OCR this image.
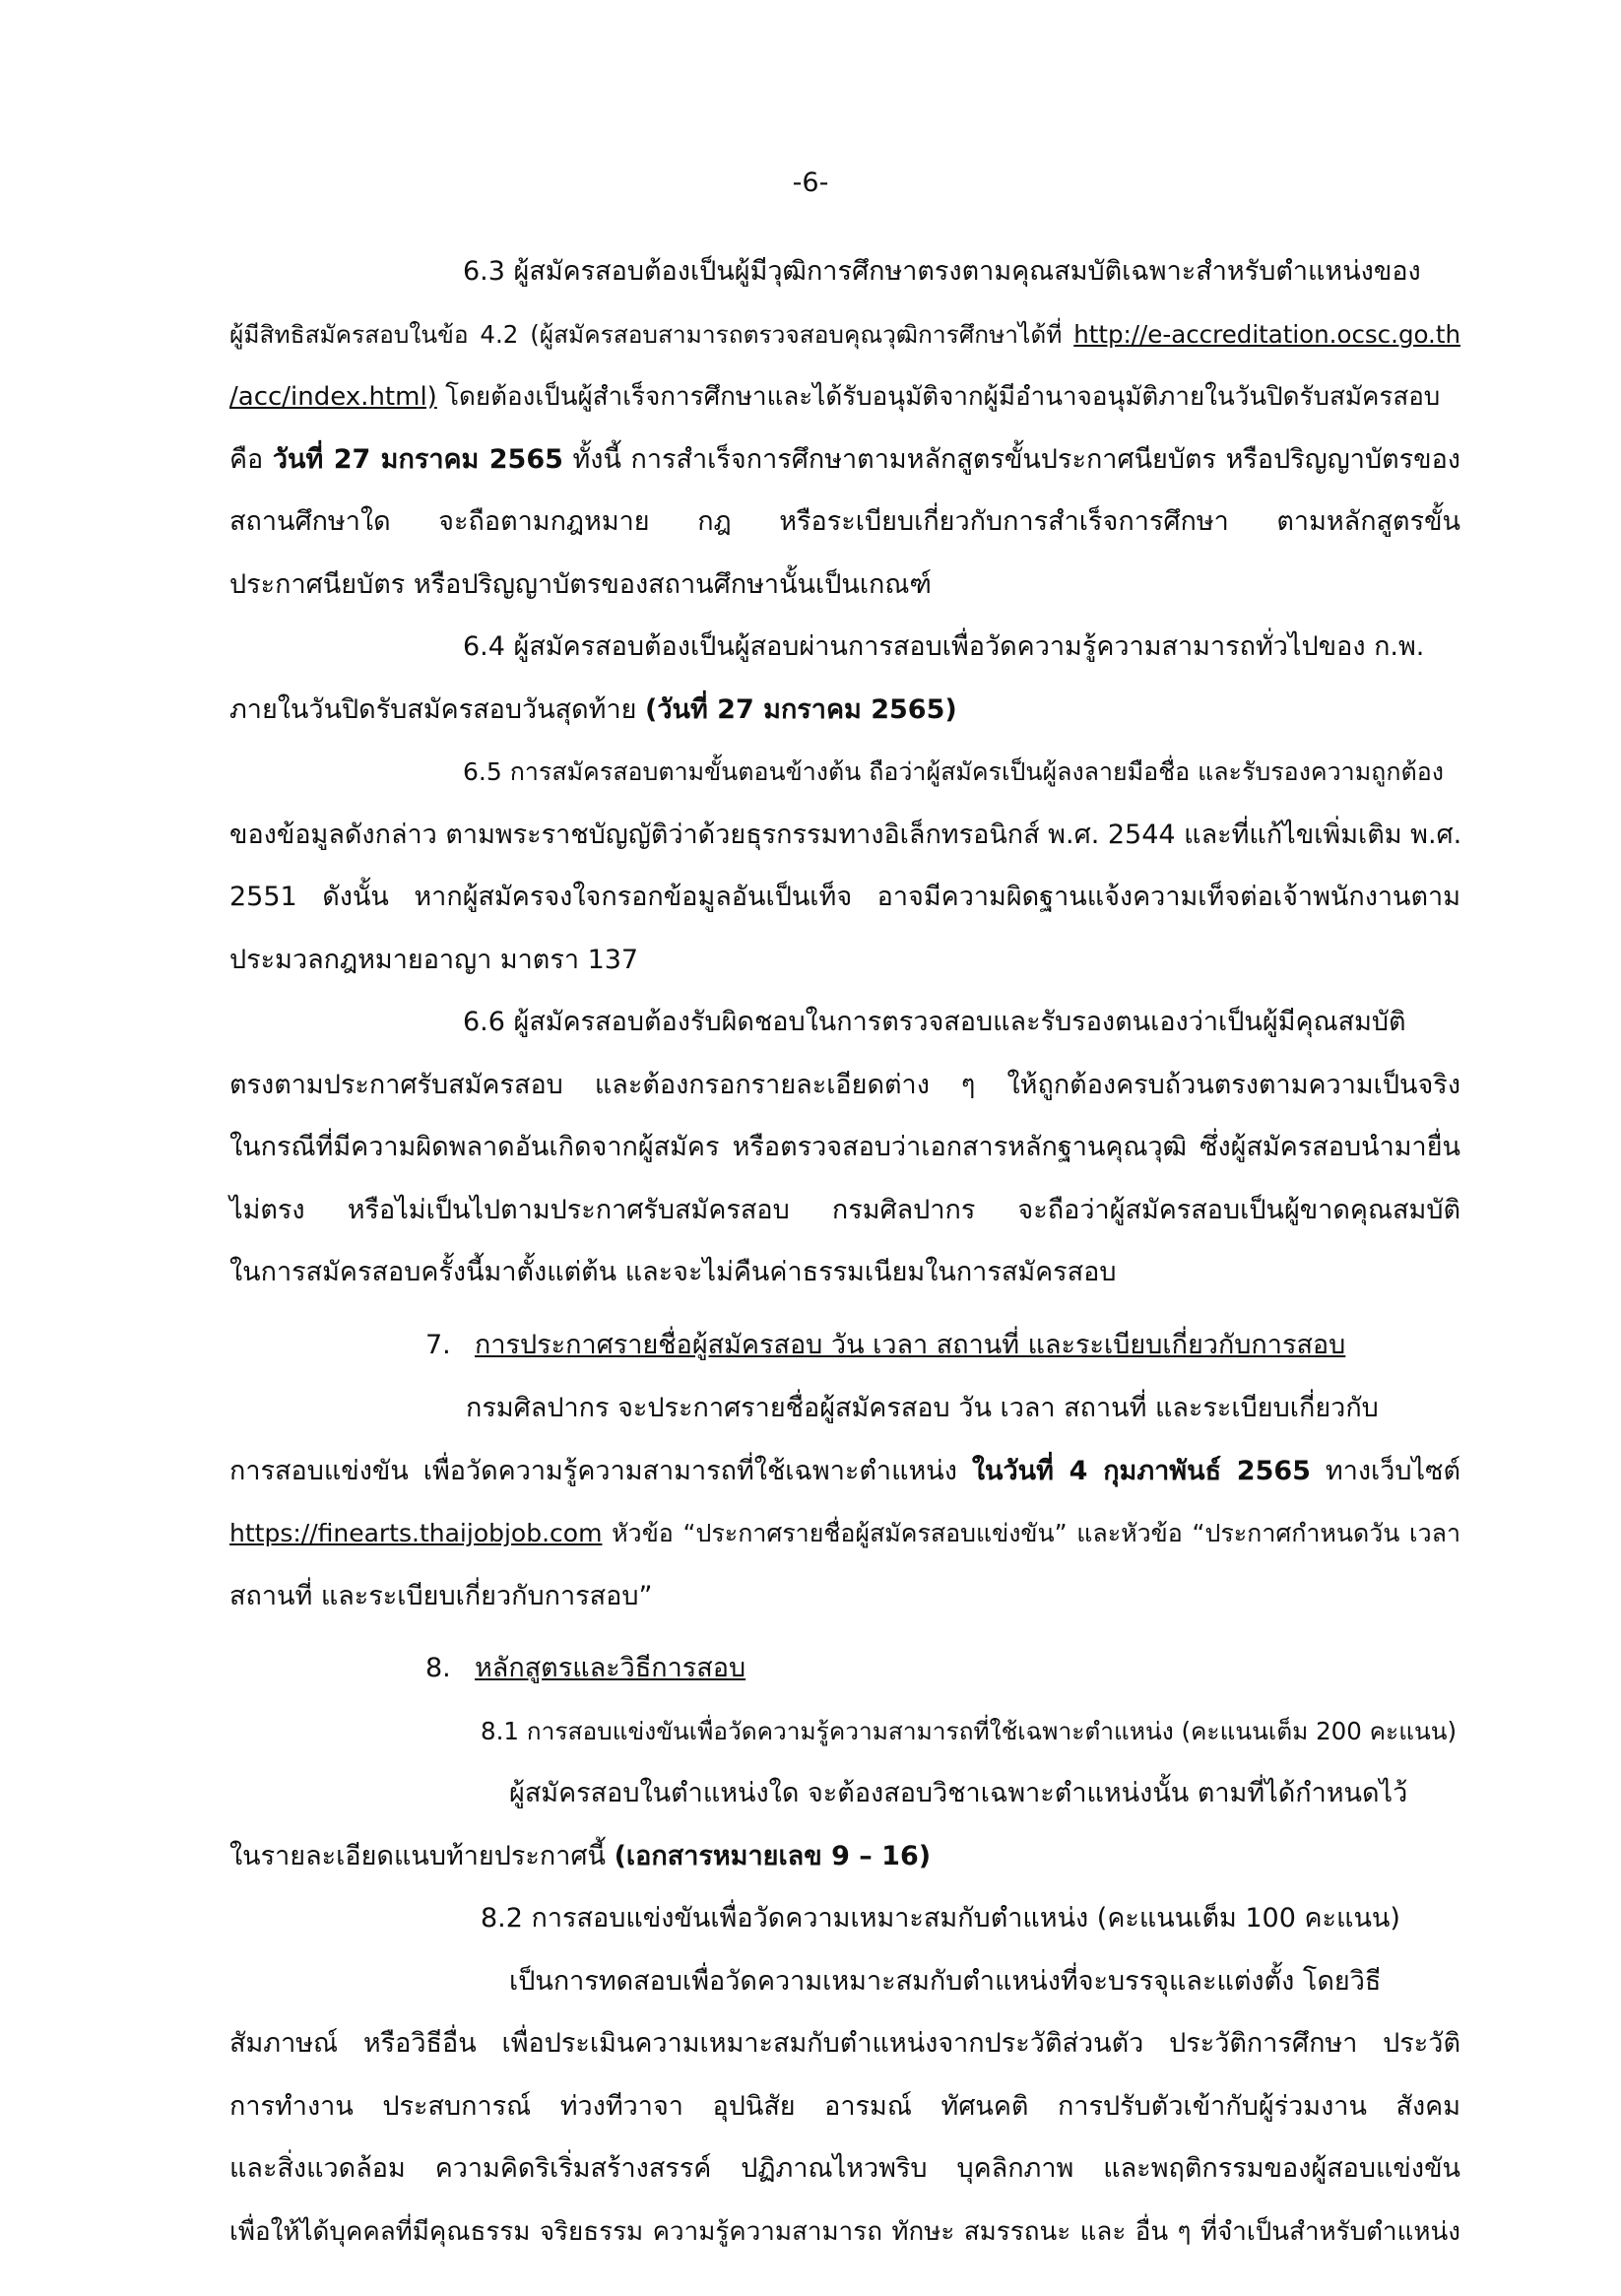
-6-
6.3 ผู้สมัครสอบต้องเป็นผู้มีวุฒิการศึกษาตรงตามคุณสมบัติเฉพาะสำหรับตำแหน่งของ
ผู้มีสิทธิสมัครสอบในข้อ 4.2 (ผู้สมัครสอบสามารถตรวจสอบคุณวุฒิการศึกษาได้ที่ http://e-accreditation.ocsc.go.th
/acc/index.html) โดยต้องเป็นผู้สำเร็จการศึกษาและได้รับอนุมัติจากผู้มีอำนาจอนุมัติภายในวันปิดรับสมัครสอบ
คือ วันที่ 27 มกราคม 2565 ทั้งนี้ การสำเร็จการศึกษาตามหลักสูตรขั้นประกาศนียบัตร หรือปริญญาบัตรของ
สถานศึกษาใด จะถือตามกฎหมาย กฎ หรือระเบียบเกี่ยวกับการสำเร็จการศึกษา ตามหลักสูตรขั้น
ประกาศนียบัตร หรือปริญญาบัตรของสถานศึกษานั้นเป็นเกณฑ์
6.4 ผู้สมัครสอบต้องเป็นผู้สอบผ่านการสอบเพื่อวัดความรู้ความสามารถทั่วไปของ ก.พ.
ภายในวันปิดรับสมัครสอบวันสุดท้าย (วันที่ 27 มกราคม 2565)
6.5 การสมัครสอบตามขั้นตอนข้างต้น ถือว่าผู้สมัครเป็นผู้ลงลายมือชื่อ และรับรองความถูกต้อง
ของข้อมูลดังกล่าว ตามพระราชบัญญัติว่าด้วยธุรกรรมทางอิเล็กทรอนิกส์ พ.ศ. 2544 และที่แก้ไขเพิ่มเติม พ.ศ.
2551 ดังนั้น หากผู้สมัครจงใจกรอกข้อมูลอันเป็นเท็จ อาจมีความผิดฐานแจ้งความเท็จต่อเจ้าพนักงานตาม
ประมวลกฎหมายอาญา มาตรา 137
6.6 ผู้สมัครสอบต้องรับผิดชอบในการตรวจสอบและรับรองตนเองว่าเป็นผู้มีคุณสมบัติ
ตรงตามประกาศรับสมัครสอบ และต้องกรอกรายละเอียดต่าง ๆ ให้ถูกต้องครบถ้วนตรงตามความเป็นจริง
ในกรณีที่มีความผิดพลาดอันเกิดจากผู้สมัคร หรือตรวจสอบว่าเอกสารหลักฐานคุณวุฒิ ซึ่งผู้สมัครสอบนำมายื่น
ไม่ตรง หรือไม่เป็นไปตามประกาศรับสมัครสอบ กรมศิลปากร จะถือว่าผู้สมัครสอบเป็นผู้ขาดคุณสมบัติ
ในการสมัครสอบครั้งนี้มาตั้งแต่ต้น และจะไม่คืนค่าธรรมเนียมในการสมัครสอบ
7. การประกาศรายชื่อผู้สมัครสอบ วัน เวลา สถานที่ และระเบียบเกี่ยวกับการสอบ
กรมศิลปากร จะประกาศรายชื่อผู้สมัครสอบ วัน เวลา สถานที่ และระเบียบเกี่ยวกับ
การสอบแข่งขัน เพื่อวัดความรู้ความสามารถที่ใช้เฉพาะตำแหน่ง ในวันที่ 4 กุมภาพันธ์ 2565 ทางเว็บไซต์
https://finearts.thaijobjob.com หัวข้อ “ประกาศรายชื่อผู้สมัครสอบแข่งขัน” และหัวข้อ “ประกาศกำหนดวัน เวลา
สถานที่ และระเบียบเกี่ยวกับการสอบ”
8. หลักสูตรและวิธีการสอบ
8.1 การสอบแข่งขันเพื่อวัดความรู้ความสามารถที่ใช้เฉพาะตำแหน่ง (คะแนนเต็ม 200 คะแนน)
ผู้สมัครสอบในตำแหน่งใด จะต้องสอบวิชาเฉพาะตำแหน่งนั้น ตามที่ได้กำหนดไว้
ในรายละเอียดแนบท้ายประกาศนี้ (เอกสารหมายเลข 9 – 16)
8.2 การสอบแข่งขันเพื่อวัดความเหมาะสมกับตำแหน่ง (คะแนนเต็ม 100 คะแนน)
เป็นการทดสอบเพื่อวัดความเหมาะสมกับตำแหน่งที่จะบรรจุและแต่งตั้ง โดยวิธี
สัมภาษณ์ หรือวิธีอื่น เพื่อประเมินความเหมาะสมกับตำแหน่งจากประวัติส่วนตัว ประวัติการศึกษา ประวัติ
การทำงาน ประสบการณ์ ท่วงทีวาจา อุปนิสัย อารมณ์ ทัศนคติ การปรับตัวเข้ากับผู้ร่วมงาน สังคม
และสิ่งแวดล้อม ความคิดริเริ่มสร้างสรรค์ ปฏิภาณไหวพริบ บุคลิกภาพ และพฤติกรรมของผู้สอบแข่งขัน
เพื่อให้ได้บุคคลที่มีคุณธรรม จริยธรรม ความรู้ความสามารถ ทักษะ สมรรถนะ และ อื่น ๆ ที่จำเป็นสำหรับตำแหน่ง
